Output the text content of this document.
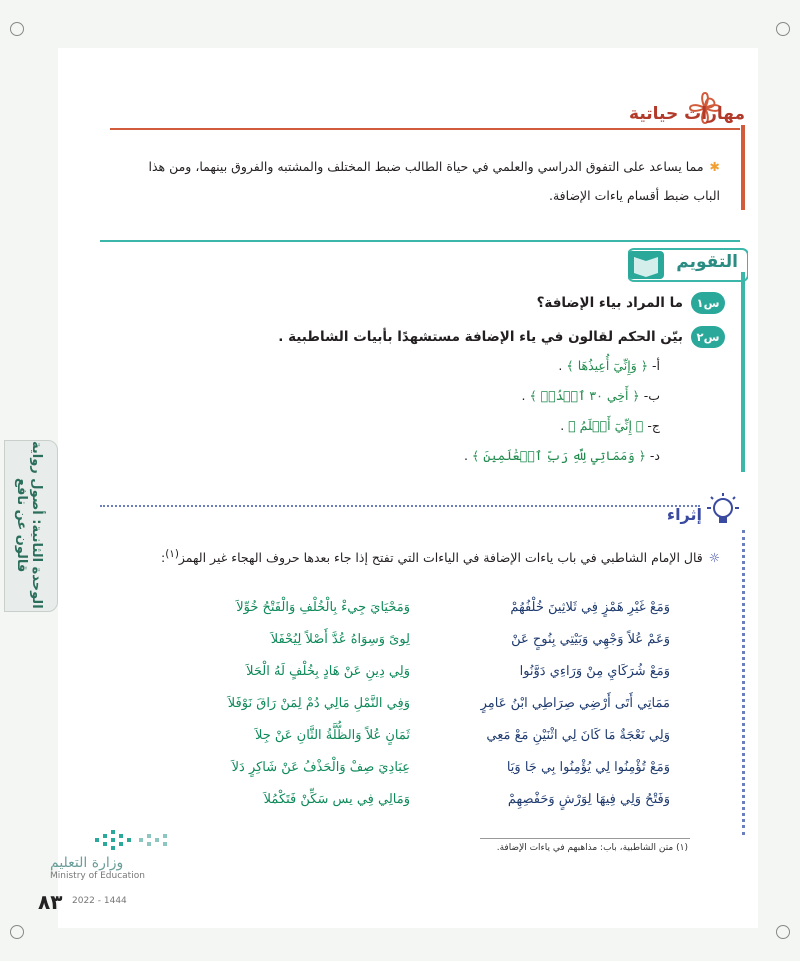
مهارات حياتية
✱مما يساعد على التفوق الدراسي والعلمي في حياة الطالب ضبط المختلف والمشتبه والفروق بينهما، ومن هذا الباب ضبط أقسام ياءات الإضافة.
التقويم
س١
ما المراد بياء الإضافة؟
س٢
بيّن الحكم لقالون في ياء الإضافة مستشهدًا بأبيات الشاطبية .
أ- ﴿ وَإِنِّيٓ أُعِيذُهَا ﴾ .
ب- ﴿ أَخِي ٣٠ ٱشۡدُدۡ ﴾ .
ج- ﴿ إِنِّيٓ أَعۡلَمُ ﴾ .
د- ﴿ وَمَمَاتِي لِلَّهِ رَبِّ ٱلۡعَٰلَمِينَ ﴾ .
إثراء
☼قال الإمام الشاطبي في باب ياءات الإضافة في الياءات التي تفتح إذا جاء بعدها حروف الهجاء غير الهمز$^{(١)}$:
وَمَعْ غَيْرِ هَمْزٍ فِي ثَلاثِينَ خُلْفُهُمْ
وَعَمْ عُلاً وَجْهِي وَبَيْتِي بِنُوحٍ عَنْ
وَمَعْ شُرَكَايِ مِنْ وَرَاءِي دَوَّنُوا
مَمَاتِي أَتَى أَرْضِي صِرَاطِي ابْنُ عَامِرٍ
وَلِي نَعْجَةٌ مَا كَانَ لِي اثْنَيْنِ مَعْ مَعِي
وَمَعْ تُؤْمِنُوا لِي يُؤْمِنُوا بِي جَا وَيَا
وَفَتْحُ وَلِي فِيهَا لِوَرْشٍ وَحَفْصِهِمْ
وَمَحْيَايَ جِيءْ بِالْخُلْفِ وَالْفَتْحُ خُوِّلاَ
لِوىً وَسِوَاهُ عُدَّ أَصْلاً لِيُحْفَلاَ
وَلِي دِينِ عَنْ هَادٍ بِخُلْفٍ لَهُ الْحَلاَ
وَفِي النَّمْلِ مَالِي دُمْ لِمَنْ رَاقَ نَوْفَلاَ
ثَمَانٍ عُلاً وَالظُّلَّةُ الثَّانِ عَنْ جِلاَ
عِبَادِيَ صِفْ وَالْحَذْفُ عَنْ شَاكِرٍ دَلاَ
وَمَالِي فِي يس سَكِّنْ فَتَكْمُلاَ
(١) متن الشاطبية، باب: مذاهبهم في ياءات الإضافة.
الوحدة الثانية: أصول رواية قالون عن نافع
وزارة التعليم
Ministry of Education
٨٣ 2022 - 1444
